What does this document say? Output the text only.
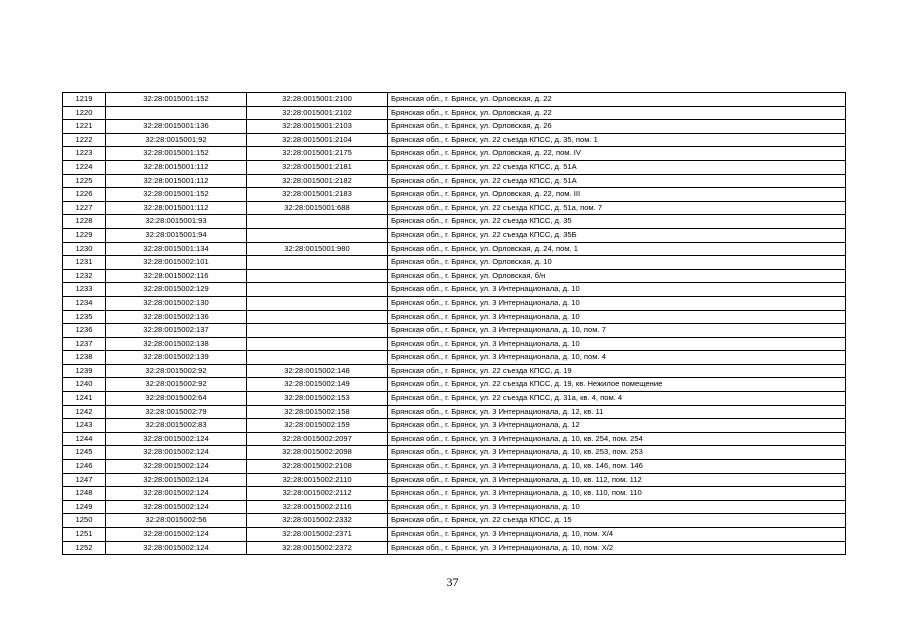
1219	32:28:0015001:152	32:28:0015001:2100	Брянская обл., г. Брянск, ул. Орловская, д. 22
1220		32:28:0015001:2102	Брянская обл., г. Брянск, ул. Орловская, д. 22
1221	32:28:0015001:136	32:28:0015001:2103	Брянская обл., г. Брянск, ул. Орловская, д. 26
1222	32:28:0015001:92	32:28:0015001:2104	Брянская обл., г. Брянск, ул. 22 съезда КПСС, д. 35, пом. 1
1223	32:28:0015001:152	32:28:0015001:2175	Брянская обл., г. Брянск, ул. Орловская, д. 22, пом. IV
1224	32:28:0015001:112	32:28:0015001:2181	Брянская обл., г. Брянск, ул. 22 съезда КПСС, д. 51А
1225	32:28:0015001:112	32:28:0015001:2182	Брянская обл., г. Брянск, ул. 22 съезда КПСС, д. 51А
1226	32:28:0015001:152	32:28:0015001:2183	Брянская обл., г. Брянск, ул. Орловская, д. 22, пом. III
1227	32:28:0015001:112	32:28:0015001:688	Брянская обл., г. Брянск, ул. 22 съезда КПСС, д. 51а, пом. 7
1228	32:28:0015001:93		Брянская обл., г. Брянск, ул. 22 съезда КПСС, д. 35
1229	32:28:0015001:94		Брянская обл., г. Брянск, ул. 22 съезда КПСС, д. 35Б
1230	32:28:0015001:134	32:28:0015001:980	Брянская обл., г. Брянск, ул. Орловская, д. 24, пом. 1
1231	32:28:0015002:101		Брянская обл., г. Брянск, ул. Орловская, д. 10
1232	32:28:0015002:116		Брянская обл., г. Брянск, ул. Орловская, б/н
1233	32:28:0015002:129		Брянская обл., г. Брянск, ул. 3 Интернационала, д. 10
1234	32:28:0015002:130		Брянская обл., г. Брянск, ул. 3 Интернационала, д. 10
1235	32:28:0015002:136		Брянская обл., г. Брянск, ул. 3 Интернационала, д. 10
1236	32:28:0015002:137		Брянская обл., г. Брянск, ул. 3 Интернационала, д. 10, пом. 7
1237	32:28:0015002:138		Брянская обл., г. Брянск, ул. 3 Интернационала, д. 10
1238	32:28:0015002:139		Брянская обл., г. Брянск, ул. 3 Интернационала, д. 10, пом. 4
1239	32:28:0015002:92	32:28:0015002:148	Брянская обл., г. Брянск, ул. 22 съезда КПСС, д. 19
1240	32:28:0015002:92	32:28:0015002:149	Брянская обл., г. Брянск, ул. 22 съезда КПСС, д. 19, кв. Нежилое помещение
1241	32:28:0015002:64	32:28:0015002:153	Брянская обл., г. Брянск, ул. 22 съезда КПСС, д. 31а, кв. 4, пом. 4
1242	32:28:0015002:79	32:28:0015002:158	Брянская обл., г. Брянск, ул. 3 Интернационала, д. 12, кв. 11
1243	32:28:0015002:83	32:28:0015002:159	Брянская обл., г. Брянск, ул. 3 Интернационала, д. 12
1244	32:28:0015002:124	32:28:0015002:2097	Брянская обл., г. Брянск, ул. 3 Интернационала, д. 10, кв. 254, пом. 254
1245	32:28:0015002:124	32:28:0015002:2098	Брянская обл., г. Брянск, ул. 3 Интернационала, д. 10, кв. 253, пом. 253
1246	32:28:0015002:124	32:28:0015002:2108	Брянская обл., г. Брянск, ул. 3 Интернационала, д. 10, кв. 146, пом. 146
1247	32:28:0015002:124	32:28:0015002:2110	Брянская обл., г. Брянск, ул. 3 Интернационала, д. 10, кв. 112, пом. 112
1248	32:28:0015002:124	32:28:0015002:2112	Брянская обл., г. Брянск, ул. 3 Интернационала, д. 10, кв. 110, пом. 110
1249	32:28:0015002:124	32:28:0015002:2116	Брянская обл., г. Брянск, ул. 3 Интернационала, д. 10
1250	32:28:0015002:56	32:28:0015002:2332	Брянская обл., г. Брянск, ул. 22 съезда КПСС, д. 15
1251	32:28:0015002:124	32:28:0015002:2371	Брянская обл., г. Брянск, ул. 3 Интернационала, д. 10, пом. X/4
1252	32:28:0015002:124	32:28:0015002:2372	Брянская обл., г. Брянск, ул. 3 Интернационала, д. 10, пом. X/2
37
